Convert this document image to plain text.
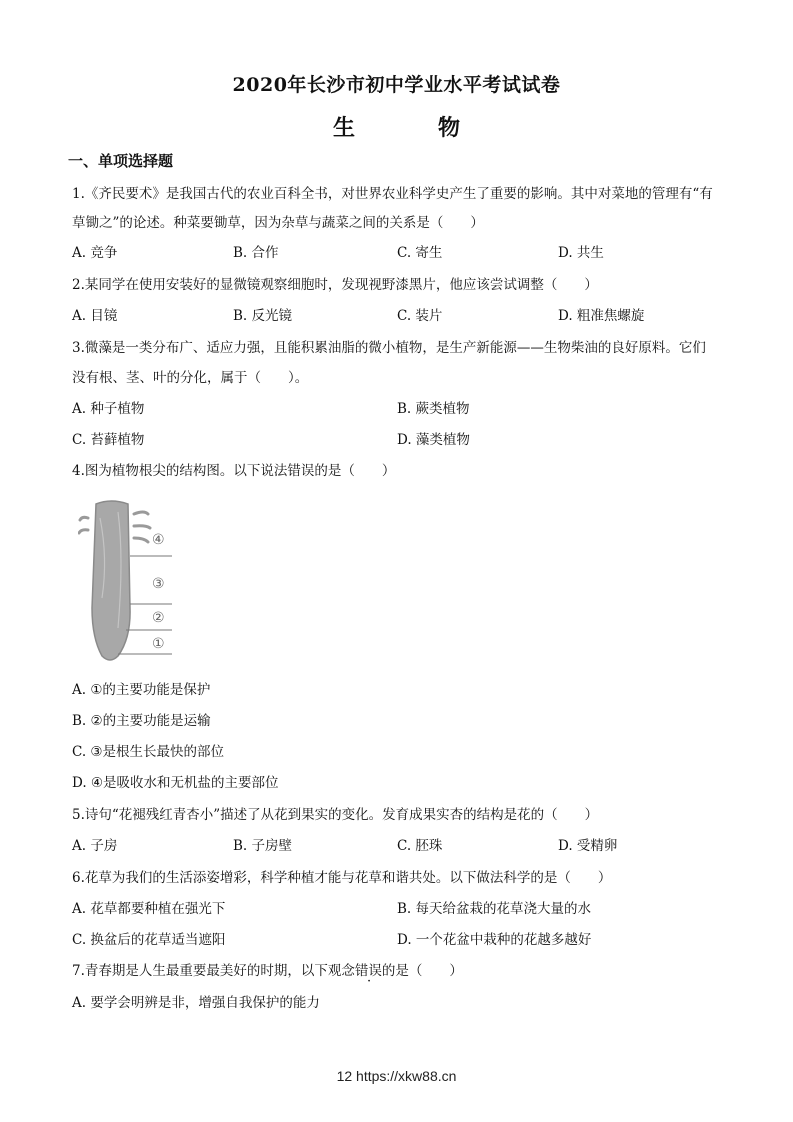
2020年长沙市初中学业水平考试试卷
生	物
一、单项选择题
1.《齐民要术》是我国古代的农业百科全书，对世界农业科学史产生了重要的影响。其中对菜地的管理有“有
草锄之”的论述。种菜要锄草，因为杂草与蔬菜之间的关系是（　　）
A. 竞争	B. 合作	C. 寄生	D. 共生
2.某同学在使用安装好的显微镜观察细胞时，发现视野漆黑片，他应该尝试调整（　　）
A. 目镜	B. 反光镜	C. 装片	D. 粗准焦螺旋
3.微藻是一类分布广、适应力强，且能积累油脂的微小植物，是生产新能源——生物柴油的良好原料。它们
没有根、茎、叶的分化，属于（　　）。
A. 种子植物	B. 蕨类植物
C. 苔藓植物	D. 藻类植物
4.图为植物根尖的结构图。以下说法错误的是（　　）
④
③
②
①
A. ①的主要功能是保护
B. ②的主要功能是运输
C. ③是根生长最快的部位
D. ④是吸收水和无机盐的主要部位
5.诗句“花褪残红青杏小”描述了从花到果实的变化。发育成果实杏的结构是花的（　　）
A. 子房	B. 子房壁	C. 胚珠	D. 受精卵
6.花草为我们的生活添姿增彩，科学种植才能与花草和谐共处。以下做法科学的是（　　）
A. 花草都要种植在强光下	B. 每天给盆栽的花草浇大量的水
C. 换盆后的花草适当遮阳	D. 一个花盆中栽种的花越多越好
7.青春期是人生最重要最美好的时期，以下观念错误的是（　　）
A. 要学会明辨是非，增强自我保护的能力
12 https://xkw88.cn
